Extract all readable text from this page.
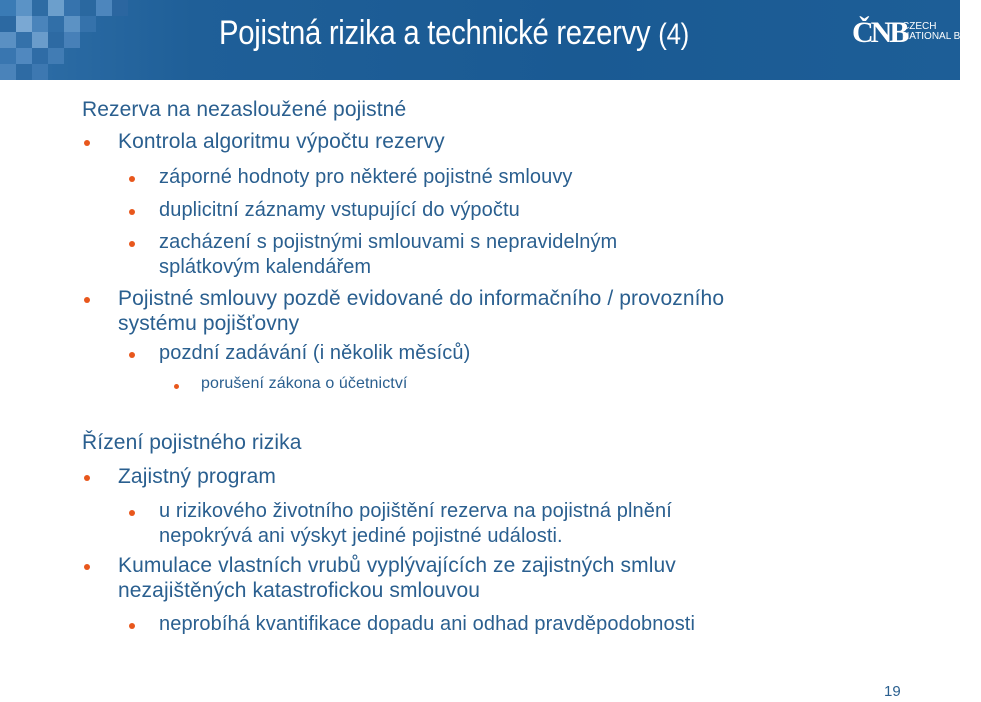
Pojistná rizika a technické rezervy (4)	ČNB
CZECH
NATIONAL BANK
Rezerva na nezasloužené pojistné
Kontrola algoritmu výpočtu rezervy
záporné hodnoty pro některé pojistné smlouvy
duplicitní záznamy vstupující do výpočtu
zacházení s pojistnými smlouvami s nepravidelným
splátkovým kalendářem
Pojistné smlouvy pozdě evidované do informačního / provozního
systému pojišťovny
pozdní zadávání (i několik měsíců)
porušení zákona o účetnictví
Řízení pojistného rizika
Zajistný program
u rizikového životního pojištění rezerva na pojistná plnění
nepokrývá ani výskyt jediné pojistné události.
Kumulace vlastních vrubů vyplývajících ze zajistných smluv
nezajištěných katastrofickou smlouvou
neprobíhá kvantifikace dopadu ani odhad pravděpodobnosti
19
